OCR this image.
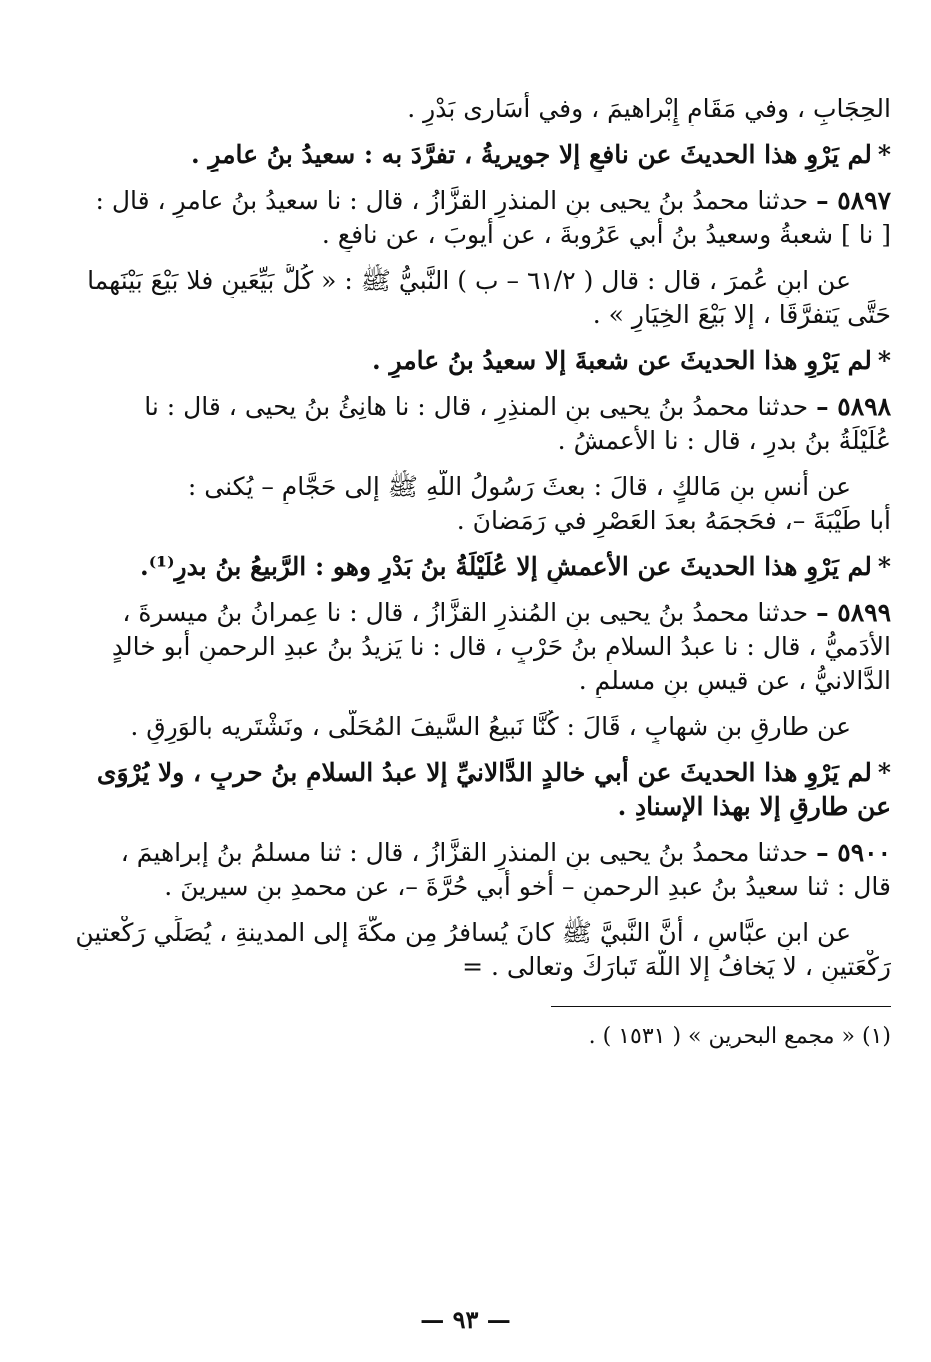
الحِجَابِ ، وفي مَقَامِ إِبْراهيمَ ، وفي أُسَارى بَدْرٍ .
*لم يَرْوِ هذا الحديثَ عن نافعٍ إلا جويريةُ ، تفرَّدَ به : سعيدُ بنُ عامرٍ .
٥٨٩٧ –حدثنا محمدُ بنُ يحيى بنِ المنذرِ القزَّازُ ، قال : نا سعيدُ بنُ عامرٍ ، قال :
[ نا ] شعبةُ وسعيدُ بنُ أبي عَرُوبةَ ، عن أيوبَ ، عن نافعٍ .
عن ابنِ عُمرَ ، قال : قال ( ٦١/٢ – ب ) النَّبيُّ ﷺ : « كُلُّ بَيِّعَينِ فلا بَيْعَ بَيْنَهما
حَتَّى يَتفرَّقَا ، إلا بَيْعَ الخِيَارِ » .
*لم يَرْوِ هذا الحديثَ عن شعبةَ إلا سعيدُ بنُ عامرٍ .
٥٨٩٨ –حدثنا محمدُ بنُ يحيى بنِ المنذِرِ ، قال : نا هانِئُ بنُ يحيى ، قال : نا
عُلَيْلَةُ بنُ بدرٍ ، قال : نا الأعمشُ .
عن أنسِ بنِ مَالكٍ ، قالَ : بعثَ رَسُولُ اللَّهِ ﷺ إلى حَجَّامٍ – يُكنى :
أَبا طَيْبَةَ –، فحَجمَهُ بعدَ العَصْرِ في رَمَضانَ .
*لم يَرْوِ هذا الحديثَ عن الأعمشِ إلا عُلَيْلَةُ بنُ بَدْرٍ وهو : الرَّبيعُ بنُ بدرٍ⁽¹⁾.
٥٨٩٩ –حدثنا محمدُ بنُ يحيى بنِ المُنذرِ القزَّازُ ، قال : نا عِمرانُ بنُ ميسرةَ ،
الأَدَميُّ ، قال : نا عبدُ السلامِ بنُ حَرْبٍ ، قال : نا يَزيدُ بنُ عبدِ الرحمنِ أبو خالدٍ
الدَّالانيُّ ، عن قيسِ بنِ مسلمٍ .
عن طارقِ بنِ شهابٍ ، قَالَ : كُنَّا نَبيعُ السَّيفَ المُحَلَّى ، ونَشْتَريه بالوَرِقِ .
*لم يَرْوِ هذا الحديثَ عن أبي خالدٍ الدَّالانيِّ إلا عبدُ السلامِ بنُ حربٍ ، ولا يُرْوَى
عن طارقٍ إلا بهذا الإسنادِ .
٥٩٠٠ –حدثنا محمدُ بنُ يحيى بنِ المنذرِ القزَّازُ ، قال : ثنا مسلمُ بنُ إبراهيمَ ،
قال : ثنا سعيدُ بنُ عبدِ الرحمنِ – أخو أبي حُرَّةَ –، عن محمدِ بنِ سيرينَ .
عن ابنِ عبَّاسٍ ، أنَّ النَّبيَّ ﷺ كانَ يُسافرُ مِن مكَّةَ إلى المدينةِ ، يُصَلِّي رَكْعتينِ
رَكْعَتينِ ، لا يَخافُ إلا اللَّهَ تَبارَكَ وتعالى . =
(١) « مجمع البحرين » ( ١٥٣١ ) .
— ٩٣ —
